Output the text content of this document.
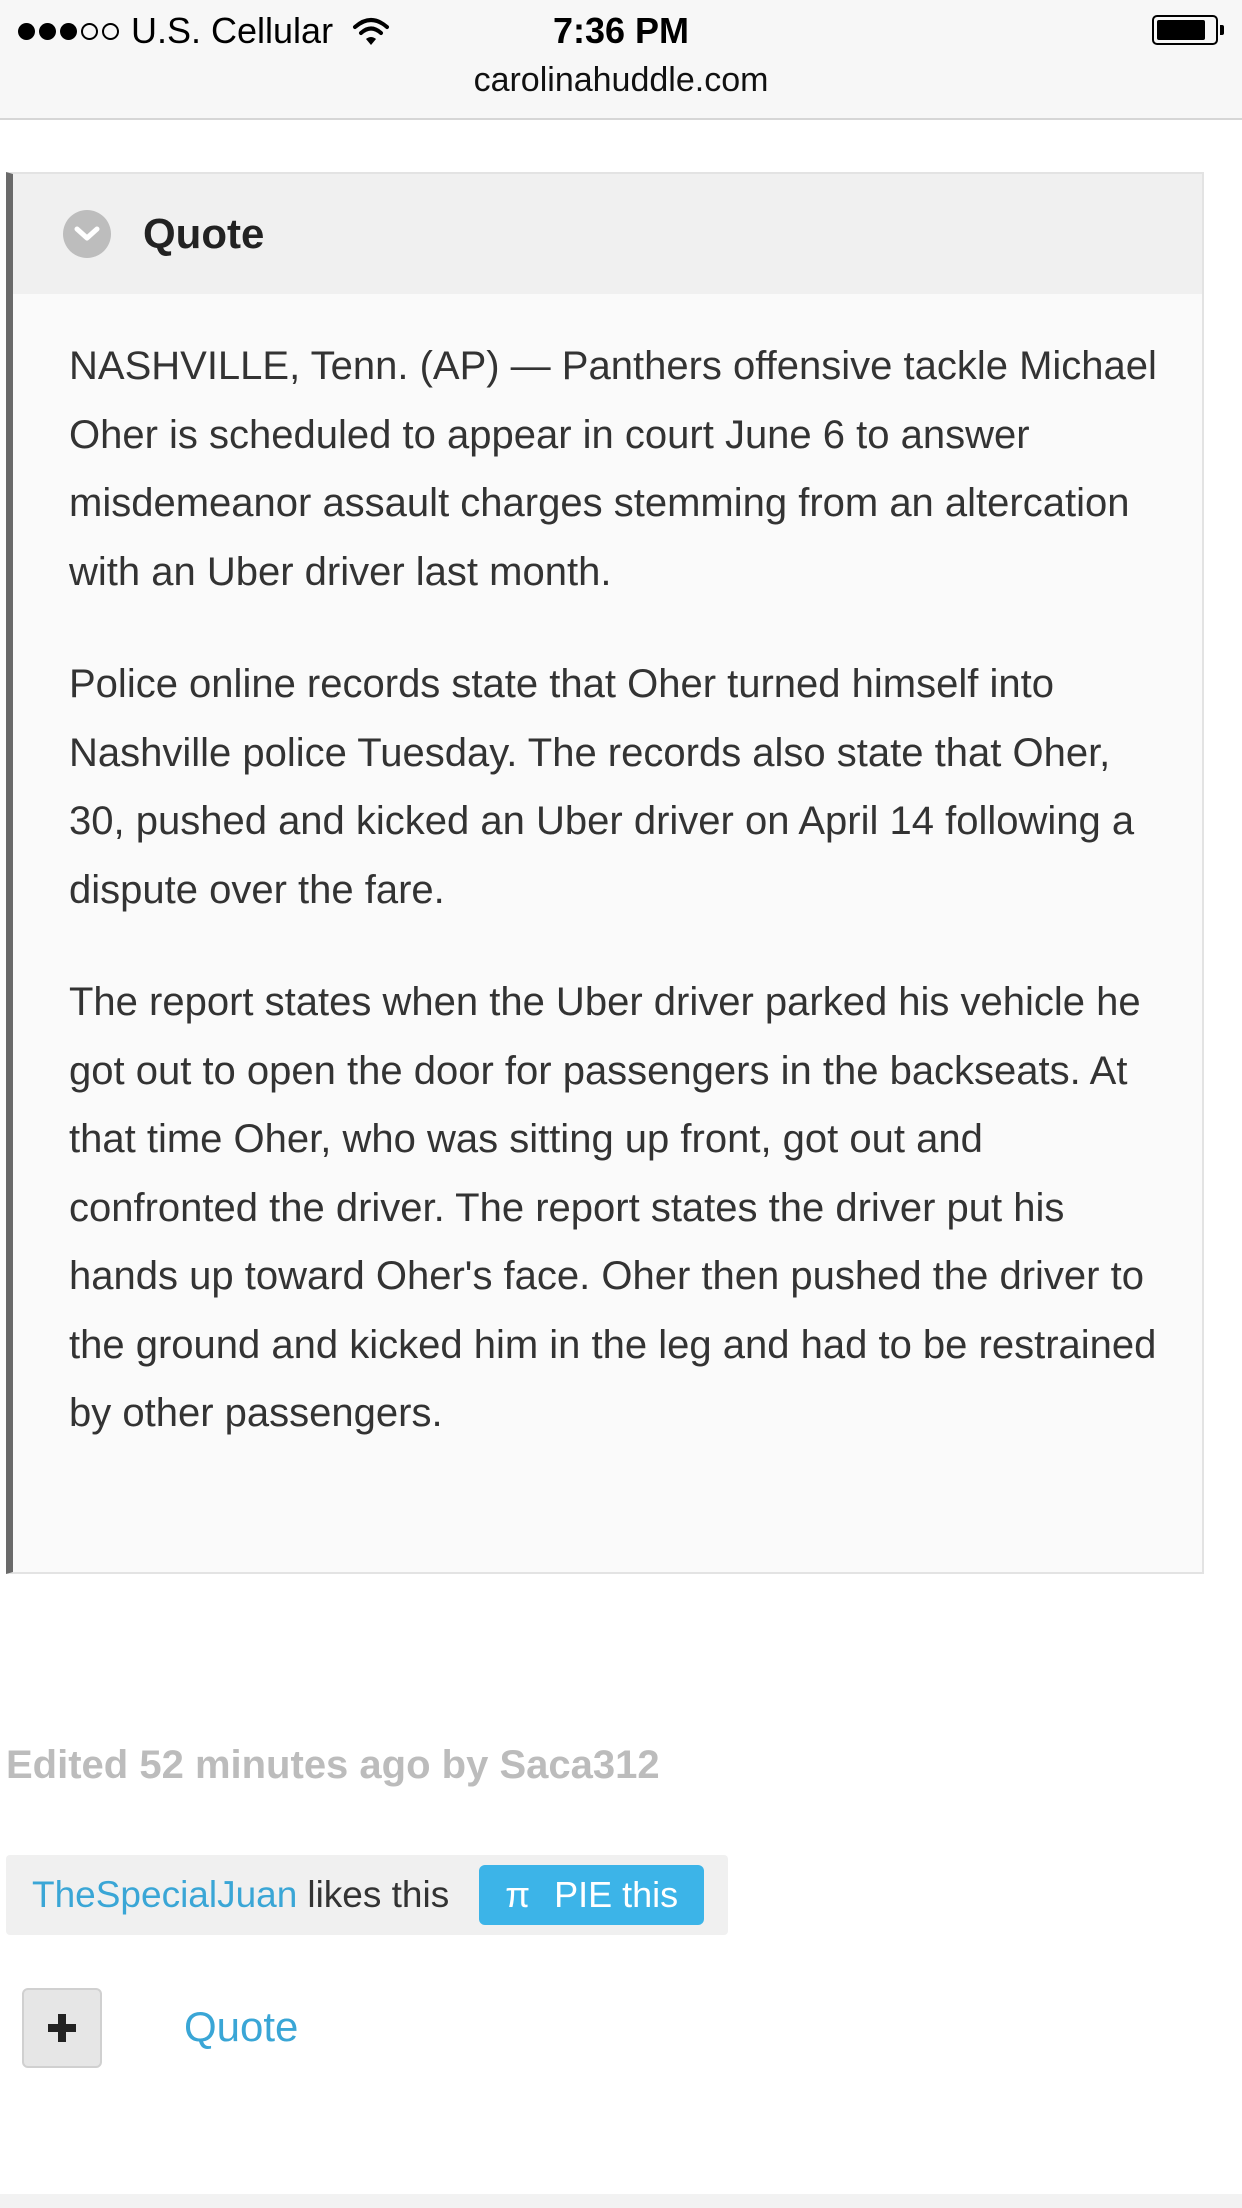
U.S. Cellular	7:36 PM
carolinahuddle.com
Quote

NASHVILLE, Tenn. (AP) — Panthers offensive tackle Michael Oher is scheduled to appear in court June 6 to answer misdemeanor assault charges stemming from an altercation with an Uber driver last month.

Police online records state that Oher turned himself into Nashville police Tuesday. The records also state that Oher, 30, pushed and kicked an Uber driver on April 14 following a dispute over the fare.

The report states when the Uber driver parked his vehicle he got out to open the door for passengers in the backseats. At that time Oher, who was sitting up front, got out and confronted the driver. The report states the driver put his hands up toward Oher's face. Oher then pushed the driver to the ground and kicked him in the leg and had to be restrained by other passengers.

Edited 52 minutes ago by Saca312
TheSpecialJuan likes this π PIE this
Quote
